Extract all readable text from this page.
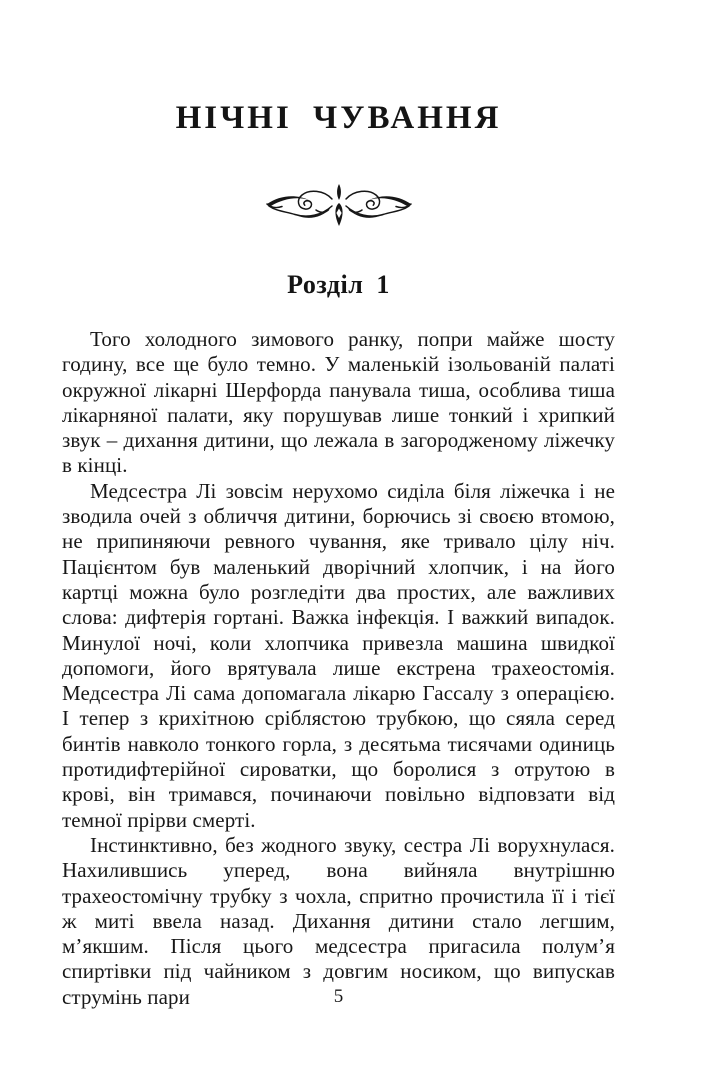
НІЧНІ ЧУВАННЯ
Розділ 1

Того холодного зимового ранку, попри майже шосту годину, все ще було темно. У маленькій ізольованій палаті окружної лікарні Шерфорда панувала тиша, особлива тиша лікарняної палати, яку порушував лише тонкий і хрипкий звук – дихання дитини, що лежала в загородженому ліжечку в кінці.

Медсестра Лі зовсім нерухомо сиділа біля ліжечка і не зводила очей з обличчя дитини, борючись зі своєю втомою, не припиняючи ревного чування, яке тривало цілу ніч. Пацієнтом був маленький дворічний хлопчик, і на його картці можна було розгледіти два простих, але важливих слова: дифтерія гортані. Важка інфекція. І важкий випадок. Минулої ночі, коли хлопчика привезла машина швидкої допомоги, його врятувала лише екстрена трахеостомія. Медсестра Лі сама допомагала лікарю Гассалу з операцією. І тепер з крихітною сріблястою трубкою, що сяяла серед бинтів навколо тонкого горла, з десятьма тисячами одиниць протидифтерійної сироватки, що боролися з отрутою в крові, він тримався, починаючи повільно відповзати від темної прірви смерті.

Інстинктивно, без жодного звуку, сестра Лі ворухнулася. Нахилившись уперед, вона вийняла внутрішню трахеостомічну трубку з чохла, спритно прочистила її і тієї ж миті ввела назад. Дихання дитини стало легшим, м’якшим. Після цього медсестра пригасила полум’я спиртівки під чайником з довгим носиком, що випускав струмінь пари	5
